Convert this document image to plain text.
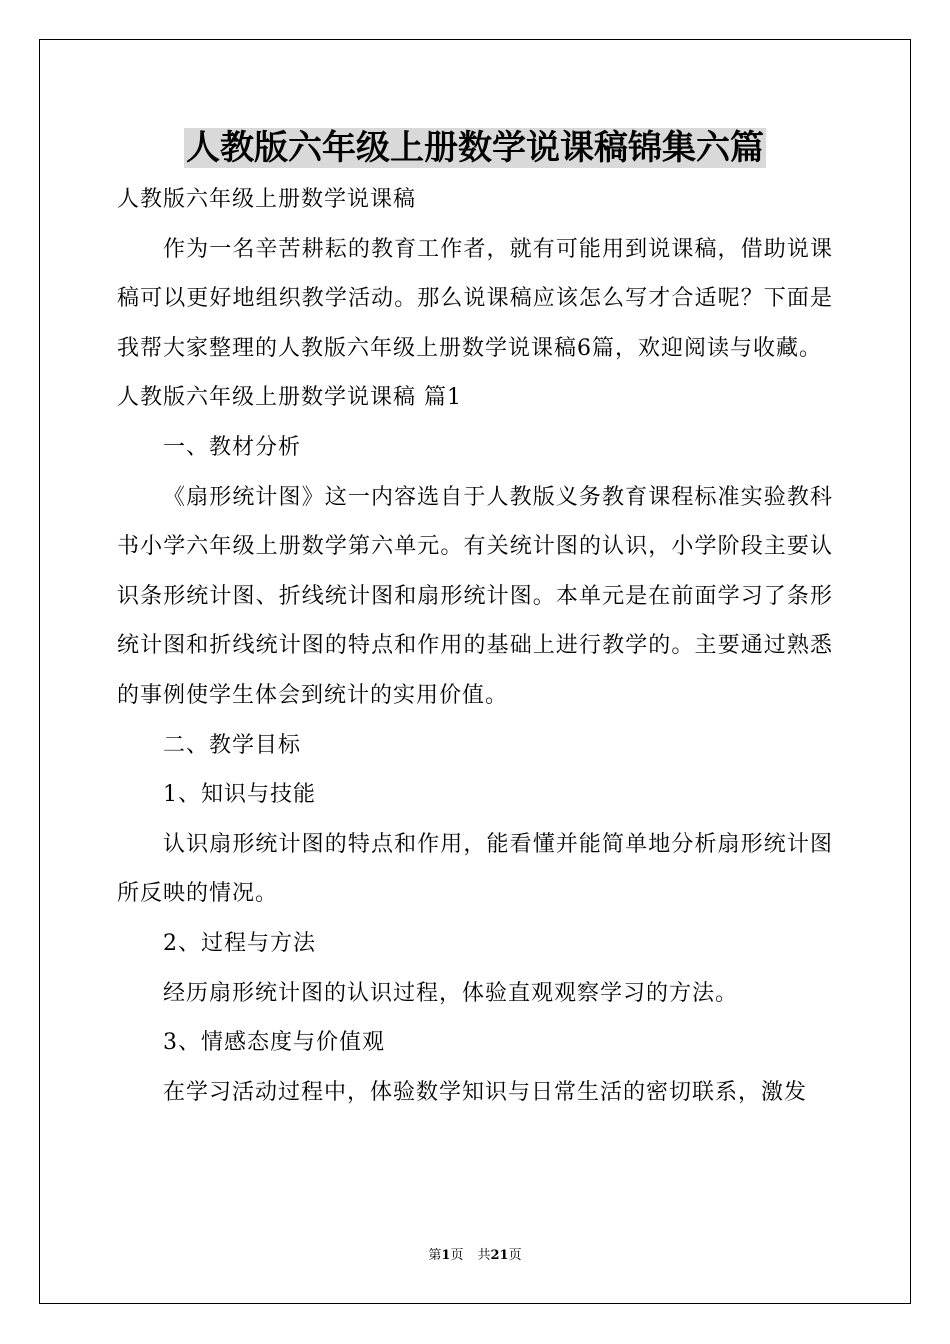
人教版六年级上册数学说课稿锦集六篇

人教版六年级上册数学说课稿

作为一名辛苦耕耘的教育工作者，就有可能用到说课稿，借助说课稿可以更好地组织教学活动。那么说课稿应该怎么写才合适呢？下面是我帮大家整理的人教版六年级上册数学说课稿6篇，欢迎阅读与收藏。

人教版六年级上册数学说课稿 篇1

一、教材分析

《扇形统计图》这一内容选自于人教版义务教育课程标准实验教科书小学六年级上册数学第六单元。有关统计图的认识，小学阶段主要认识条形统计图、折线统计图和扇形统计图。本单元是在前面学习了条形统计图和折线统计图的特点和作用的基础上进行教学的。主要通过熟悉的事例使学生体会到统计的实用价值。

二、教学目标

1、知识与技能

认识扇形统计图的特点和作用，能看懂并能简单地分析扇形统计图所反映的情况。

2、过程与方法

经历扇形统计图的认识过程，体验直观观察学习的方法。

3、情感态度与价值观

在学习活动过程中，体验数学知识与日常生活的密切联系，激发

第1页 共21页
